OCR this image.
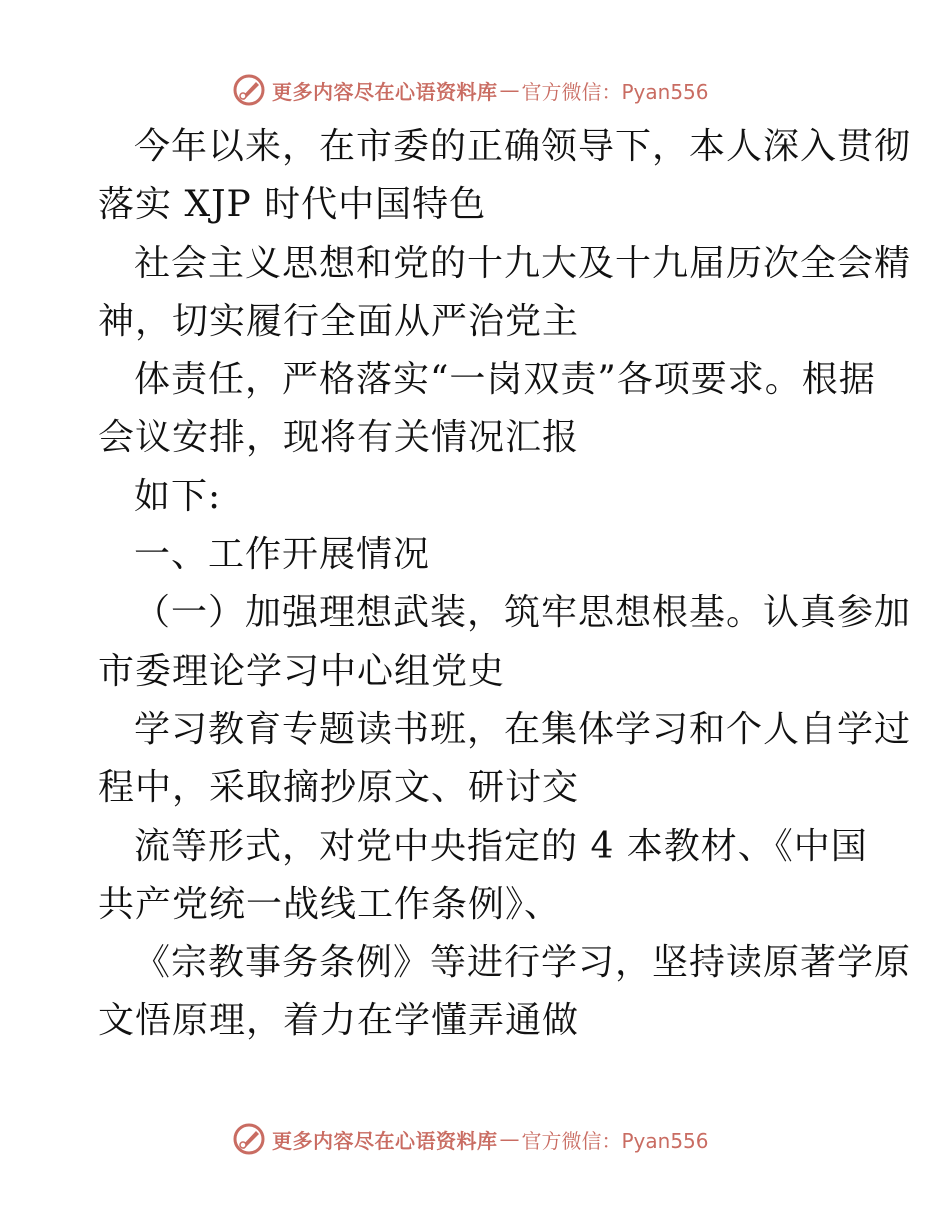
更多内容尽在心语资料库 — 官方微信：Pyan556
今年以来，在市委的正确领导下，本人深入贯彻
落实 XJP 时代中国特色
社会主义思想和党的十九大及十九届历次全会精
神，切实履行全面从严治党主
体责任，严格落实“一岗双责”各项要求。根据
会议安排，现将有关情况汇报
如下:
一、工作开展情况
（一）加强理想武装，筑牢思想根基。认真参加
市委理论学习中心组党史
学习教育专题读书班，在集体学习和个人自学过
程中，采取摘抄原文、研讨交
流等形式，对党中央指定的 4 本教材、《中国
共产党统一战线工作条例》、
《宗教事务条例》等进行学习，坚持读原著学原
文悟原理，着力在学懂弄通做
更多内容尽在心语资料库 — 官方微信：Pyan556
